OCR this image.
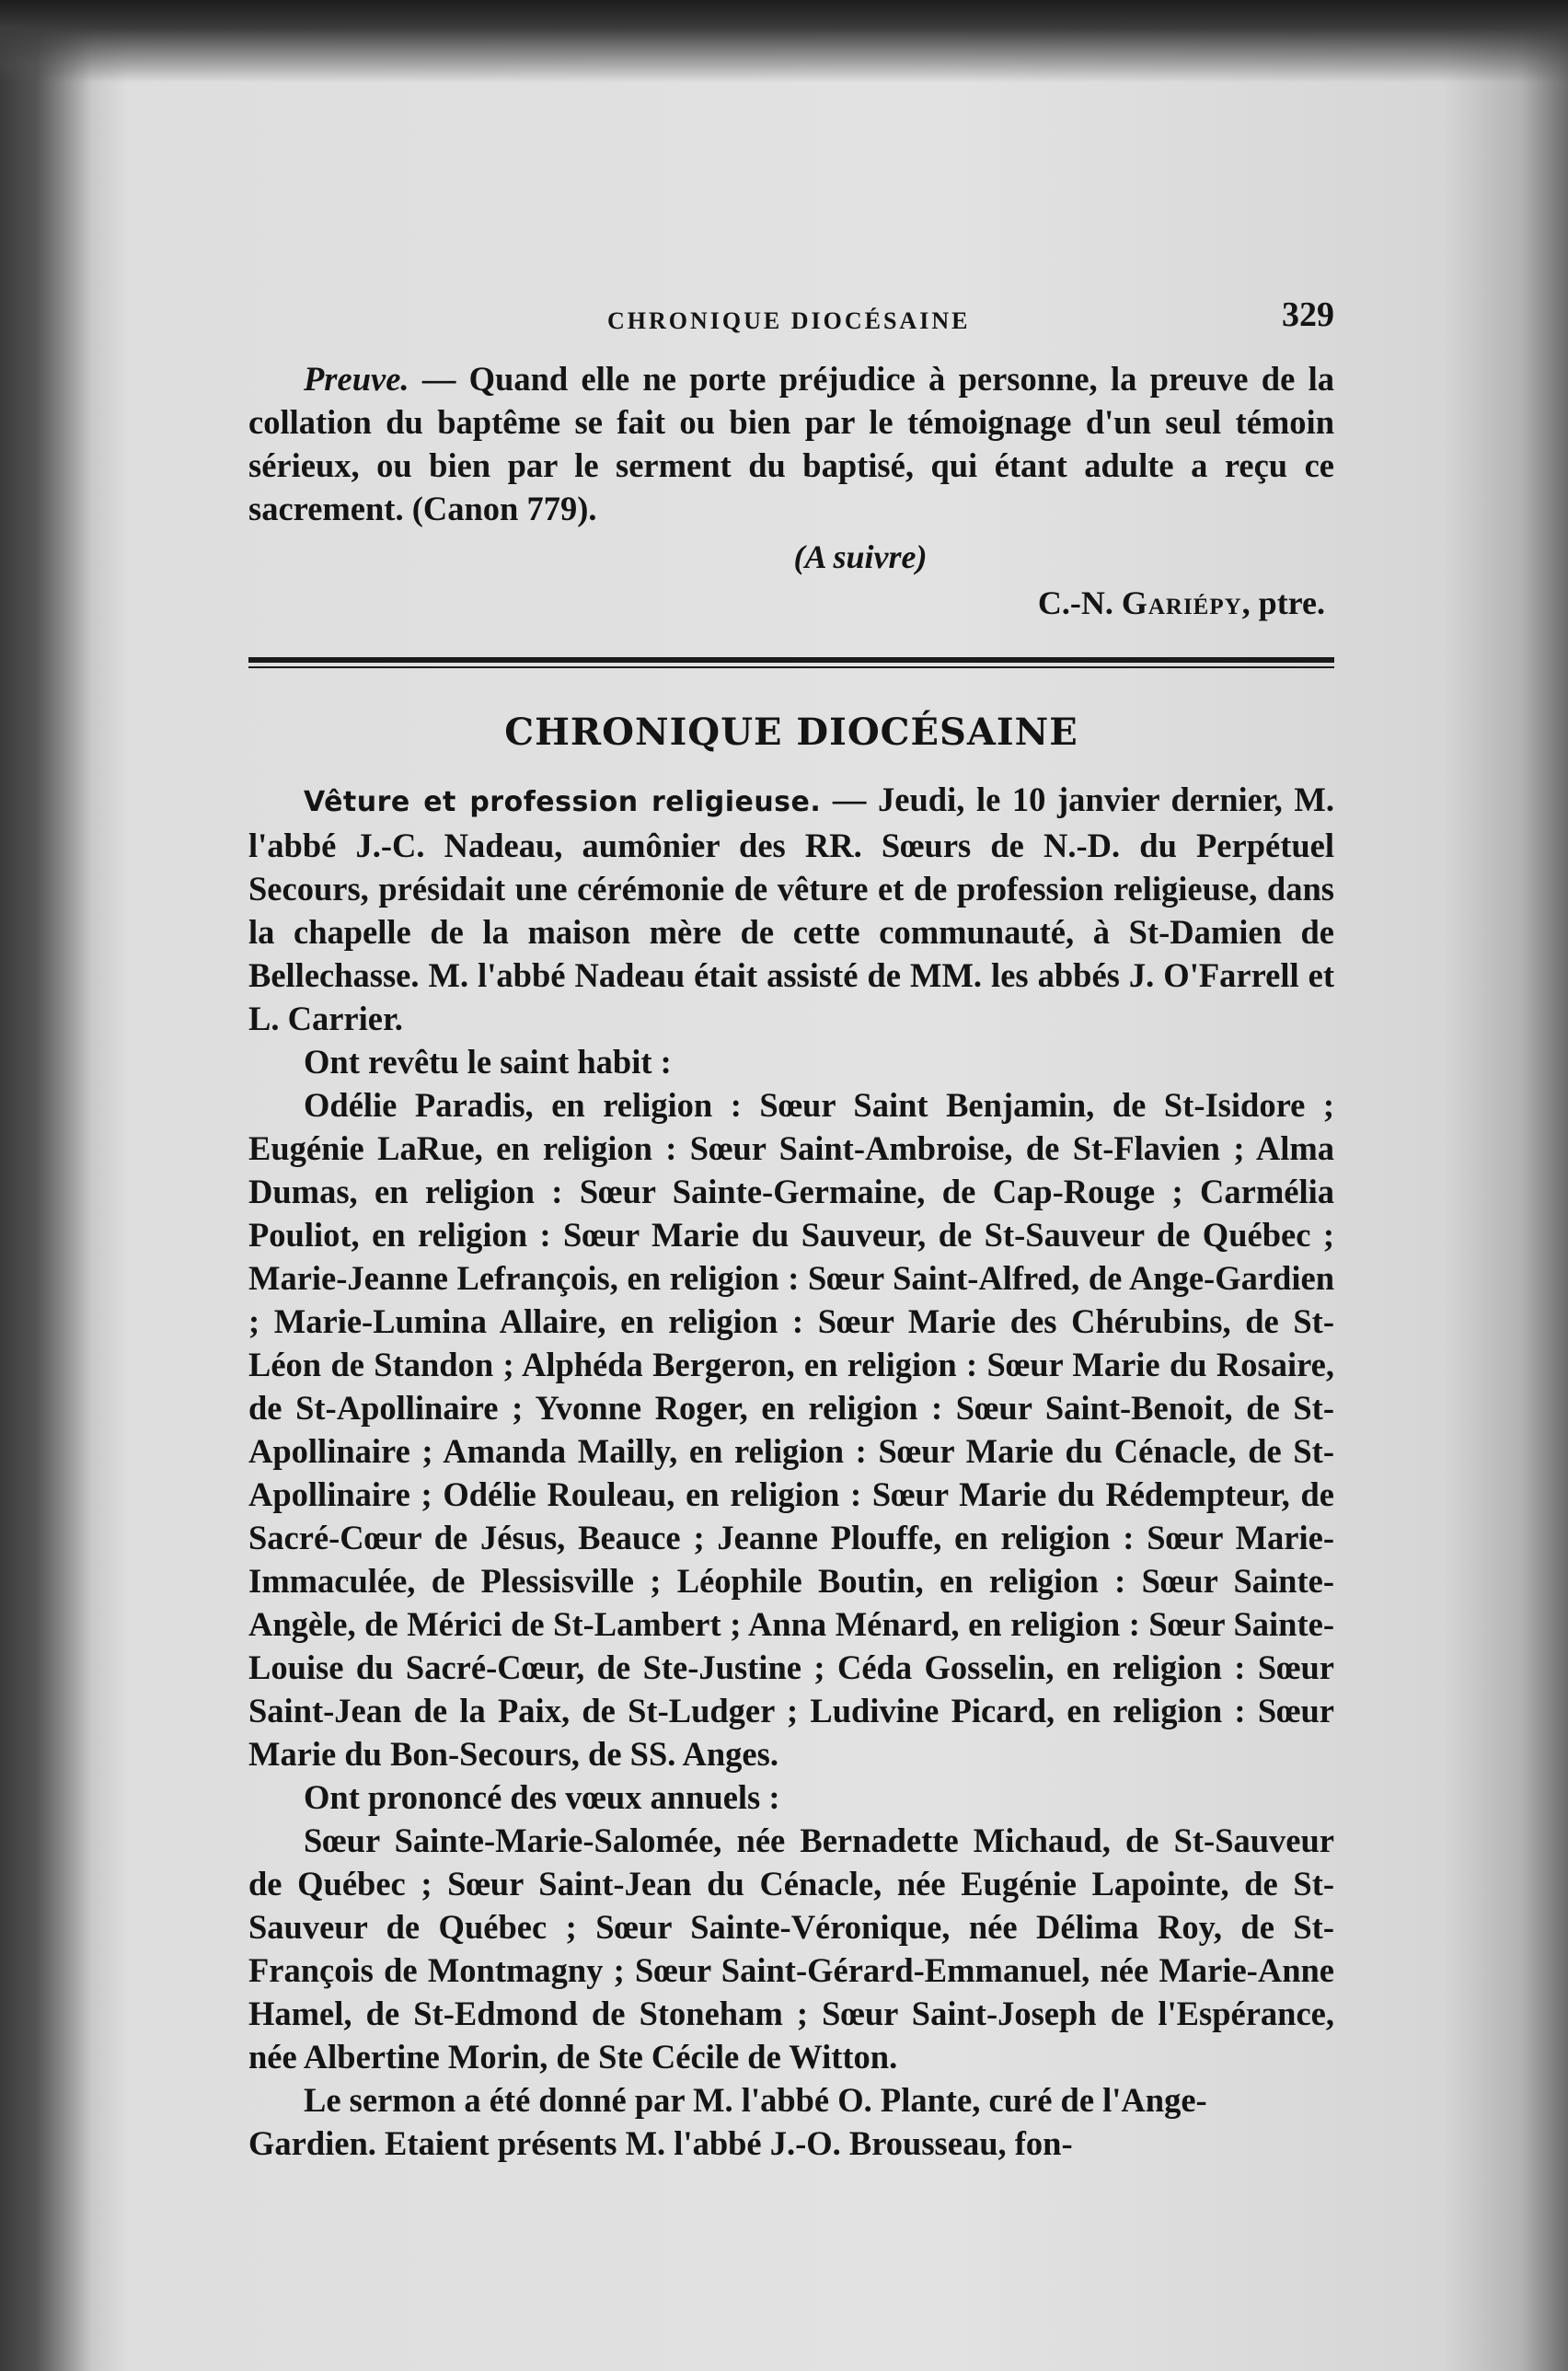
CHRONIQUE DIOCÉSAINE	329

Preuve. — Quand elle ne porte préjudice à personne, la preuve de la collation du baptême se fait ou bien par le témoignage d'un seul témoin sérieux, ou bien par le serment du baptisé, qui étant adulte a reçu ce sacrement. (Canon 779).

(A suivre)

C.-N. Gariépy, ptre.

CHRONIQUE DIOCÉSAINE

Vêture et profession religieuse. — Jeudi, le 10 janvier dernier, M. l'abbé J.-C. Nadeau, aumônier des RR. Sœurs de N.-D. du Perpétuel Secours, présidait une cérémonie de vêture et de profession religieuse, dans la chapelle de la maison mère de cette communauté, à St-Damien de Bellechasse. M. l'abbé Nadeau était assisté de MM. les abbés J. O'Farrell et L. Carrier.

Ont revêtu le saint habit :

Odélie Paradis, en religion : Sœur Saint Benjamin, de St-Isidore ; Eugénie LaRue, en religion : Sœur Saint-Ambroise, de St-Flavien ; Alma Dumas, en religion : Sœur Sainte-Germaine, de Cap-Rouge ; Carmélia Pouliot, en religion : Sœur Marie du Sauveur, de St-Sauveur de Québec ; Marie-Jeanne Lefrançois, en religion : Sœur Saint-Alfred, de Ange-Gardien ; Marie-Lumina Allaire, en religion : Sœur Marie des Chérubins, de St-Léon de Standon ; Alphéda Bergeron, en religion : Sœur Marie du Rosaire, de St-Apollinaire ; Yvonne Roger, en religion : Sœur Saint-Benoit, de St-Apollinaire ; Amanda Mailly, en religion : Sœur Marie du Cénacle, de St-Apollinaire ; Odélie Rouleau, en religion : Sœur Marie du Rédempteur, de Sacré-Cœur de Jésus, Beauce ; Jeanne Plouffe, en religion : Sœur Marie-Immaculée, de Plessisville ; Léophile Boutin, en religion : Sœur Sainte-Angèle, de Mérici de St-Lambert ; Anna Ménard, en religion : Sœur Sainte-Louise du Sacré-Cœur, de Ste-Justine ; Céda Gosselin, en religion : Sœur Saint-Jean de la Paix, de St-Ludger ; Ludivine Picard, en religion : Sœur Marie du Bon-Secours, de SS. Anges.

Ont prononcé des vœux annuels :

Sœur Sainte-Marie-Salomée, née Bernadette Michaud, de St-Sauveur de Québec ; Sœur Saint-Jean du Cénacle, née Eugénie Lapointe, de St-Sauveur de Québec ; Sœur Sainte-Véronique, née Délima Roy, de St-François de Montmagny ; Sœur Saint-Gérard-Emmanuel, née Marie-Anne Hamel, de St-Edmond de Stoneham ; Sœur Saint-Joseph de l'Espérance, née Albertine Morin, de Ste Cécile de Witton.

Le sermon a été donné par M. l'abbé O. Plante, curé de l'Ange-Gardien. Etaient présents M. l'abbé J.-O. Brousseau, fon-
